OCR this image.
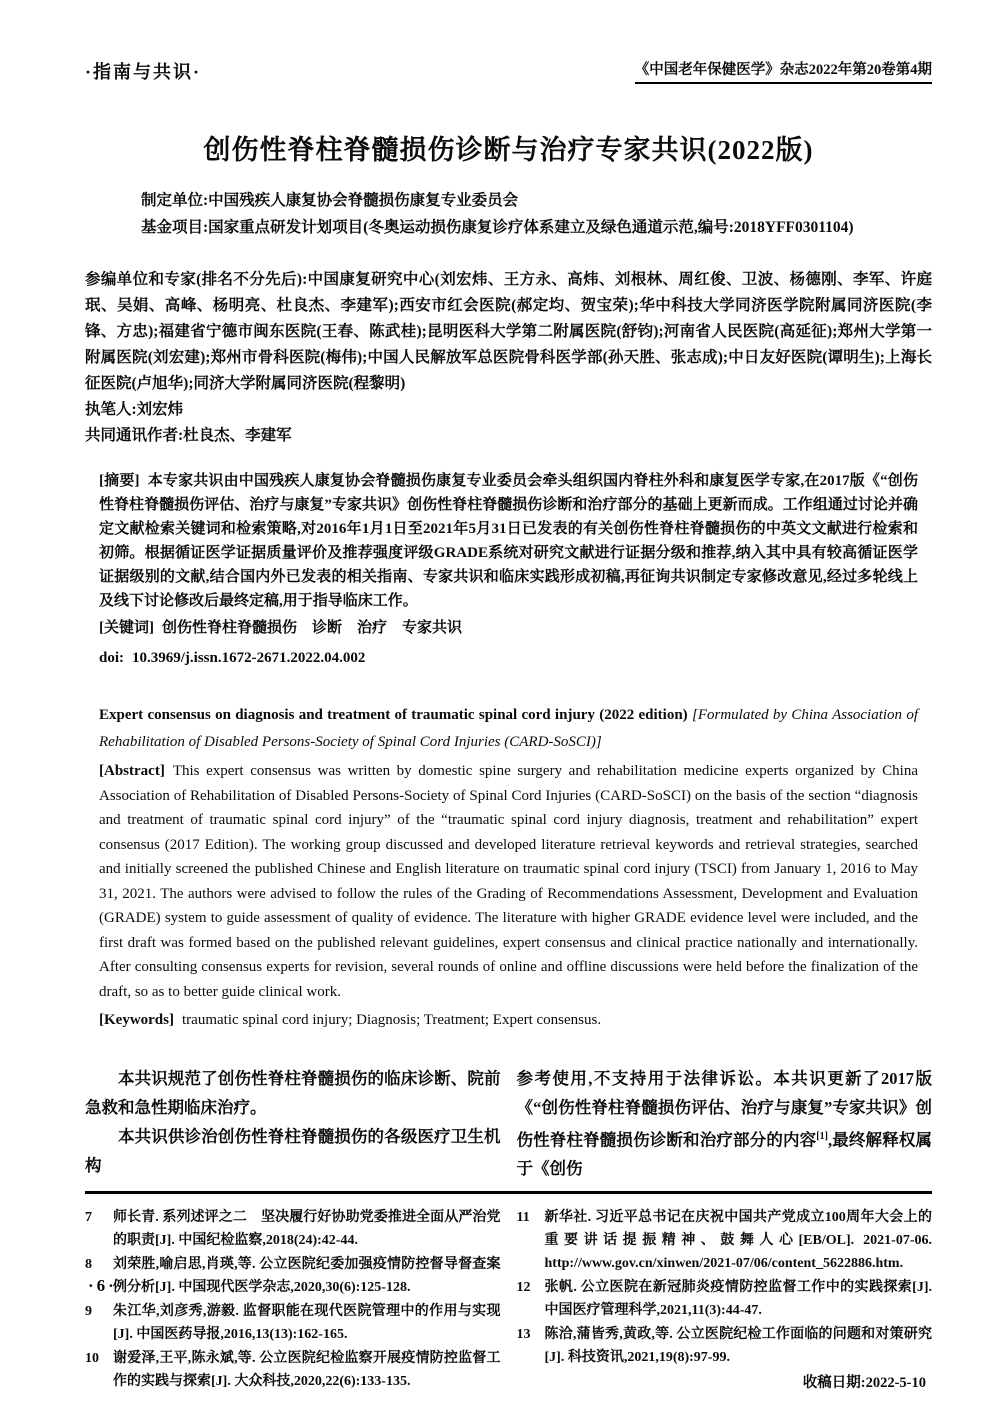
·指南与共识·	《中国老年保健医学》杂志2022年第20卷第4期
创伤性脊柱脊髓损伤诊断与治疗专家共识(2022版)
制定单位:中国残疾人康复协会脊髓损伤康复专业委员会
基金项目:国家重点研发计划项目(冬奥运动损伤康复诊疗体系建立及绿色通道示范,编号:2018YFF0301104)
参编单位和专家(排名不分先后):中国康复研究中心(刘宏炜、王方永、高炜、刘根林、周红俊、卫波、杨德刚、李军、许庭珉、吴娟、高峰、杨明亮、杜良杰、李建军);西安市红会医院(郝定均、贺宝荣);华中科技大学同济医学院附属同济医院(李锋、方忠);福建省宁德市闽东医院(王春、陈武桂);昆明医科大学第二附属医院(舒钧);河南省人民医院(高延征);郑州大学第一附属医院(刘宏建);郑州市骨科医院(梅伟);中国人民解放军总医院骨科医学部(孙天胜、张志成);中日友好医院(谭明生);上海长征医院(卢旭华);同济大学附属同济医院(程黎明)
执笔人:刘宏炜
共同通讯作者:杜良杰、李建军
[摘要] 本专家共识由中国残疾人康复协会脊髓损伤康复专业委员会牵头组织国内脊柱外科和康复医学专家,在2017版《“创伤性脊柱脊髓损伤评估、治疗与康复”专家共识》创伤性脊柱脊髓损伤诊断和治疗部分的基础上更新而成。工作组通过讨论并确定文献检索关键词和检索策略,对2016年1月1日至2021年5月31日已发表的有关创伤性脊柱脊髓损伤的中英文文献进行检索和初筛。根据循证医学证据质量评价及推荐强度评级GRADE系统对研究文献进行证据分级和推荐,纳入其中具有较高循证医学证据级别的文献,结合国内外已发表的相关指南、专家共识和临床实践形成初稿,再征询共识制定专家修改意见,经过多轮线上及线下讨论修改后最终定稿,用于指导临床工作。
[关键词] 创伤性脊柱脊髓损伤　诊断　治疗　专家共识
doi: 10.3969/j.issn.1672-2671.2022.04.002
Expert consensus on diagnosis and treatment of traumatic spinal cord injury (2022 edition) [Formulated by China Association of Rehabilitation of Disabled Persons-Society of Spinal Cord Injuries (CARD-SoSCI)]
[Abstract] This expert consensus was written by domestic spine surgery and rehabilitation medicine experts organized by China Association of Rehabilitation of Disabled Persons-Society of Spinal Cord Injuries (CARD-SoSCI) on the basis of the section “diagnosis and treatment of traumatic spinal cord injury” of the “traumatic spinal cord injury diagnosis, treatment and rehabilitation” expert consensus (2017 Edition). The working group discussed and developed literature retrieval keywords and retrieval strategies, searched and initially screened the published Chinese and English literature on traumatic spinal cord injury (TSCI) from January 1, 2016 to May 31, 2021. The authors were advised to follow the rules of the Grading of Recommendations Assessment, Development and Evaluation (GRADE) system to guide assessment of quality of evidence. The literature with higher GRADE evidence level were included, and the first draft was formed based on the published relevant guidelines, expert consensus and clinical practice nationally and internationally. After consulting consensus experts for revision, several rounds of online and offline discussions were held before the finalization of the draft, so as to better guide clinical work.
[Keywords] traumatic spinal cord injury; Diagnosis; Treatment; Expert consensus.
本共识规范了创伤性脊柱脊髓损伤的临床诊断、院前急救和急性期临床治疗。
本共识供诊治创伤性脊柱脊髓损伤的各级医疗卫生机构
参考使用,不支持用于法律诉讼。本共识更新了2017版《“创伤性脊柱脊髓损伤评估、治疗与康复”专家共识》创伤性脊柱脊髓损伤诊断和治疗部分的内容[1],最终解释权属于《创伤
7	师长青. 系列述评之二　坚决履行好协助党委推进全面从严治党的职责[J]. 中国纪检监察,2018(24):42-44.
8	刘荣胜,喻启思,肖瑛,等. 公立医院纪委加强疫情防控督导督查案例分析[J]. 中国现代医学杂志,2020,30(6):125-128.
9	朱江华,刘彦秀,游毅. 监督职能在现代医院管理中的作用与实现[J]. 中国医药导报,2016,13(13):162-165.
10	谢爱泽,王平,陈永斌,等. 公立医院纪检监察开展疫情防控监督工作的实践与探索[J]. 大众科技,2020,22(6):133-135.
11	新华社. 习近平总书记在庆祝中国共产党成立100周年大会上的重要讲话提振精神、鼓舞人心[EB/OL]. 2021-07-06. http://www.gov.cn/xinwen/2021-07/06/content_5622886.htm.
12	张帆. 公立医院在新冠肺炎疫情防控监督工作中的实践探索[J]. 中国医疗管理科学,2021,11(3):44-47.
13	陈洽,蒲皆秀,黄政,等. 公立医院纪检工作面临的问题和对策研究[J]. 科技资讯,2021,19(8):97-99.
收稿日期:2022-5-10
·6·
